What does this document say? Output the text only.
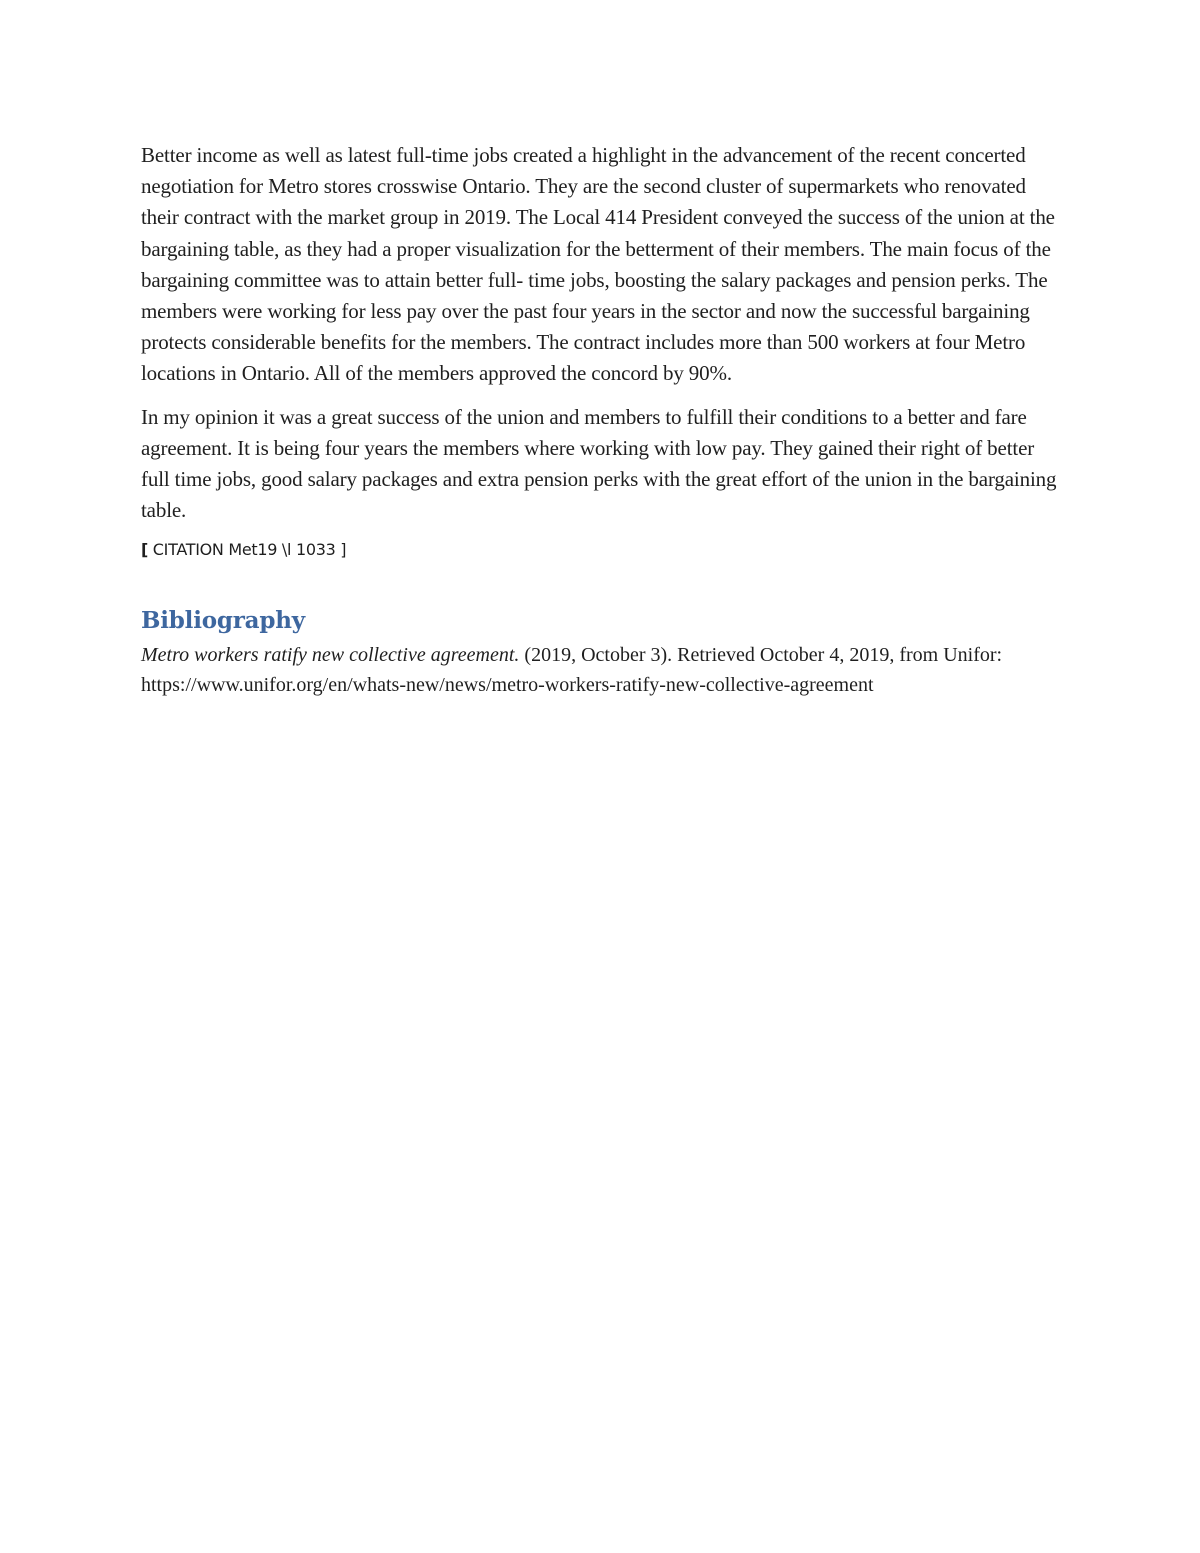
Better income as well as latest full-time jobs created a highlight in the advancement of the recent concerted negotiation for Metro stores crosswise Ontario. They are the second cluster of supermarkets who renovated their contract with the market group in 2019. The Local 414 President conveyed the success of the union at the bargaining table, as they had a proper visualization for the betterment of their members. The main focus of the bargaining committee was to attain better full- time jobs, boosting the salary packages and pension perks. The members were working for less pay over the past four years in the sector and now the successful bargaining protects considerable benefits for the members. The contract includes more than 500 workers at four Metro locations in Ontario. All of the members approved the concord by 90%.

In my opinion it was a great success of the union and members to fulfill their conditions to a better and fare agreement. It is being four years the members where working with low pay. They gained their right of better full time jobs, good salary packages and extra pension perks with the great effort of the union in the bargaining table.

[ CITATION Met19 \l 1033 ]

Bibliography

Metro workers ratify new collective agreement. (2019, October 3). Retrieved October 4, 2019, from Unifor: https://www.unifor.org/en/whats-new/news/metro-workers-ratify-new-collective-agreement
